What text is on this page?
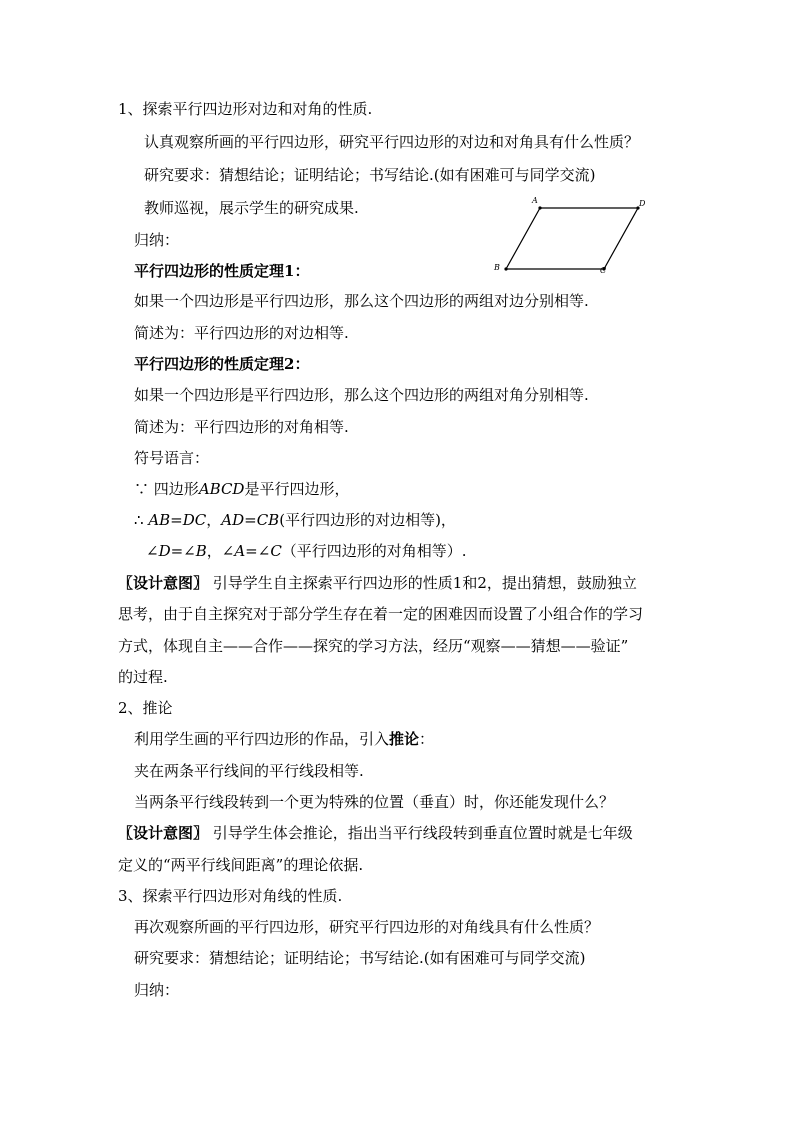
1、探索平行四边形对边和对角的性质.
认真观察所画的平行四边形，研究平行四边形的对边和对角具有什么性质？
研究要求：猜想结论；证明结论；书写结论.(如有困难可与同学交流)
教师巡视，展示学生的研究成果.
归纳：
A	D
B	C
平行四边形的性质定理1：
如果一个四边形是平行四边形，那么这个四边形的两组对边分别相等.
简述为：平行四边形的对边相等.
平行四边形的性质定理2：
如果一个四边形是平行四边形，那么这个四边形的两组对角分别相等.
简述为：平行四边形的对角相等.
符号语言：
∵ 四边形ABCD是平行四边形，
∴ AB=DC，AD=CB(平行四边形的对边相等)，
∠D=∠B，∠A=∠C（平行四边形的对角相等）.
〖设计意图〗 引导学生自主探索平行四边形的性质1和2，提出猜想，鼓励独立
思考，由于自主探究对于部分学生存在着一定的困难因而设置了小组合作的学习
方式，体现自主——合作——探究的学习方法，经历“观察——猜想——验证”
的过程.
2、推论
利用学生画的平行四边形的作品，引入推论：
夹在两条平行线间的平行线段相等.
当两条平行线段转到一个更为特殊的位置（垂直）时，你还能发现什么？
〖设计意图〗 引导学生体会推论，指出当平行线段转到垂直位置时就是七年级
定义的“两平行线间距离”的理论依据.
3、探索平行四边形对角线的性质.
再次观察所画的平行四边形，研究平行四边形的对角线具有什么性质？
研究要求：猜想结论；证明结论；书写结论.(如有困难可与同学交流)
归纳：
